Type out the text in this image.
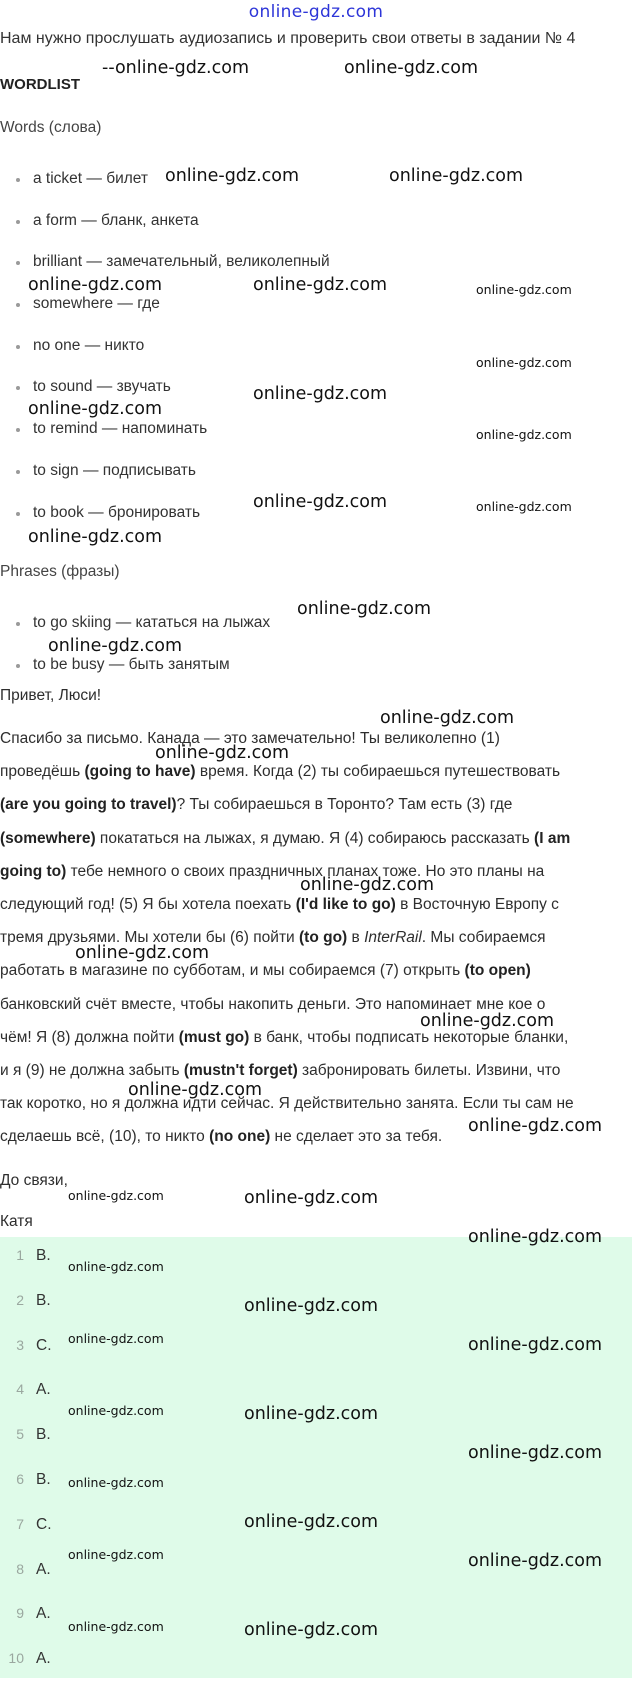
online-gdz.com
Нам нужно прослушать аудиозапись и проверить свои ответы в задании № 4
WORDLIST
Words (слова)
a ticket — билет
a form — бланк, анкета
brilliant — замечательный, великолепный
somewhere — где
no one — никто
to sound — звучать
to remind — напоминать
to sign — подписывать
to book — бронировать
Phrases (фразы)
to go skiing — кататься на лыжах
to be busy — быть занятым
Привет, Люси!
Спасибо за письмо. Канада — это замечательно! Ты великолепно (1)
проведёшь (going to have) время. Когда (2) ты собираешься путешествовать
(are you going to travel)? Ты собираешься в Торонто? Там есть (3) где
(somewhere) покататься на лыжах, я думаю. Я (4) собираюсь рассказать (I am
going to) тебе немного о своих праздничных планах тоже. Но это планы на
следующий год! (5) Я бы хотела поехать (I'd like to go) в Восточную Европу с
тремя друзьями. Мы хотели бы (6) пойти (to go) в InterRail. Мы собираемся
работать в магазине по субботам, и мы собираемся (7) открыть (to open)
банковский счёт вместе, чтобы накопить деньги. Это напоминает мне кое о
чём! Я (8) должна пойти (must go) в банк, чтобы подписать некоторые бланки,
и я (9) не должна забыть (mustn't forget) забронировать билеты. Извини, что
так коротко, но я должна идти сейчас. Я действительно занята. Если ты сам не
сделаешь всё, (10), то никто (no one) не сделает это за тебя.
До связи,
Катя
1 B.
2 B.
3 C.
4 A.
5 B.
6 B.
7 C.
8 A.
9 A.
10 A.
--online-gdz.com	online-gdz.com
online-gdz.com	online-gdz.com
online-gdz.com	online-gdz.com	online-gdz.com
online-gdz.com
online-gdz.com
online-gdz.com
online-gdz.com
online-gdz.com	online-gdz.com
online-gdz.com
online-gdz.com
online-gdz.com
online-gdz.com
online-gdz.com
online-gdz.com
online-gdz.com
online-gdz.com
online-gdz.com
online-gdz.com
online-gdz.com	online-gdz.com
online-gdz.com
online-gdz.com
online-gdz.com
online-gdz.com	online-gdz.com
online-gdz.com	online-gdz.com
online-gdz.com
online-gdz.com
online-gdz.com
online-gdz.com	online-gdz.com
online-gdz.com	online-gdz.com
